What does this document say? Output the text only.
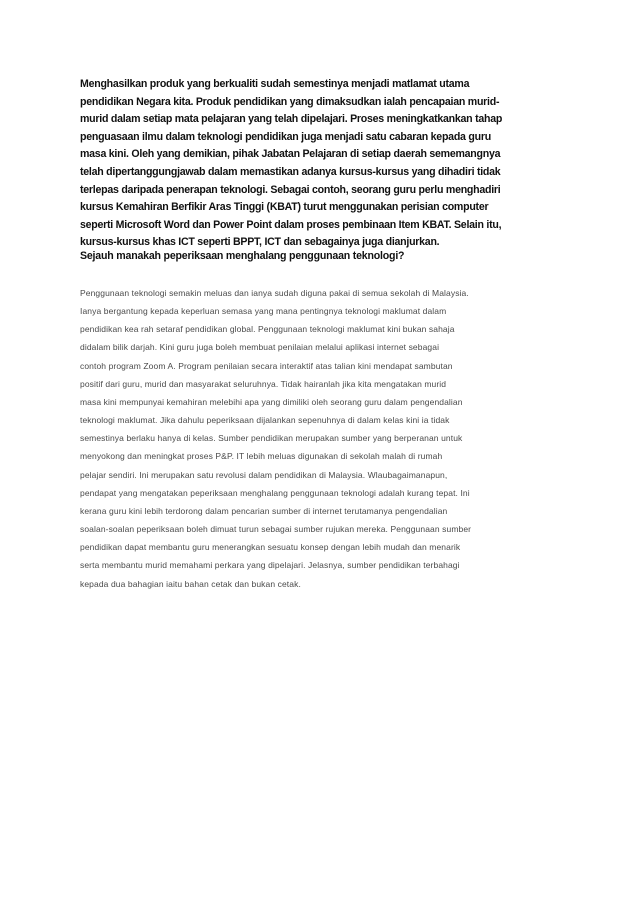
Menghasilkan produk yang berkualiti sudah semestinya menjadi matlamat utama
pendidikan Negara kita. Produk pendidikan yang dimaksudkan ialah pencapaian murid-
murid dalam setiap mata pelajaran yang telah dipelajari. Proses meningkatkankan tahap
penguasaan ilmu dalam teknologi pendidikan juga menjadi satu cabaran kepada guru
masa kini. Oleh yang demikian, pihak Jabatan Pelajaran di setiap daerah sememangnya
telah dipertanggungjawab dalam memastikan adanya kursus-kursus yang dihadiri tidak
terlepas daripada penerapan teknologi. Sebagai contoh, seorang guru perlu menghadiri
kursus Kemahiran Berfikir Aras Tinggi (KBAT) turut menggunakan perisian computer
seperti Microsoft Word dan Power Point dalam proses pembinaan Item KBAT. Selain itu,
kursus-kursus khas ICT seperti BPPT, ICT dan sebagainya juga dianjurkan.

Sejauh manakah peperiksaan menghalang penggunaan teknologi?

Penggunaan teknologi semakin meluas dan ianya sudah diguna pakai di semua sekolah di Malaysia.
Ianya bergantung kepada keperluan semasa yang mana pentingnya teknologi maklumat dalam
pendidikan kea rah setaraf pendidikan global. Penggunaan teknologi maklumat kini bukan sahaja
didalam bilik darjah. Kini guru juga boleh membuat penilaian melalui aplikasi internet sebagai
contoh program Zoom A. Program penilaian secara interaktif atas talian kini mendapat sambutan
positif dari guru, murid dan masyarakat seluruhnya. Tidak hairanlah jika kita mengatakan murid
masa kini mempunyai kemahiran melebihi apa yang dimiliki oleh seorang guru dalam pengendalian
teknologi maklumat. Jika dahulu peperiksaan dijalankan sepenuhnya di dalam kelas kini ia tidak
semestinya berlaku hanya di kelas. Sumber pendidikan merupakan sumber yang berperanan untuk
menyokong dan meningkat proses P&P. IT lebih meluas digunakan di sekolah malah di rumah
pelajar sendiri. Ini merupakan satu revolusi dalam pendidikan di Malaysia. Wlaubagaimanapun,
pendapat yang mengatakan peperiksaan menghalang penggunaan teknologi adalah kurang tepat. Ini
kerana guru kini lebih terdorong dalam pencarian sumber di internet terutamanya pengendalian
soalan-soalan peperiksaan boleh dimuat turun sebagai sumber rujukan mereka. Penggunaan sumber
pendidikan dapat membantu guru menerangkan sesuatu konsep dengan lebih mudah dan menarik
serta membantu murid memahami perkara yang dipelajari. Jelasnya, sumber pendidikan terbahagi
kepada dua bahagian iaitu bahan cetak dan bukan cetak.
